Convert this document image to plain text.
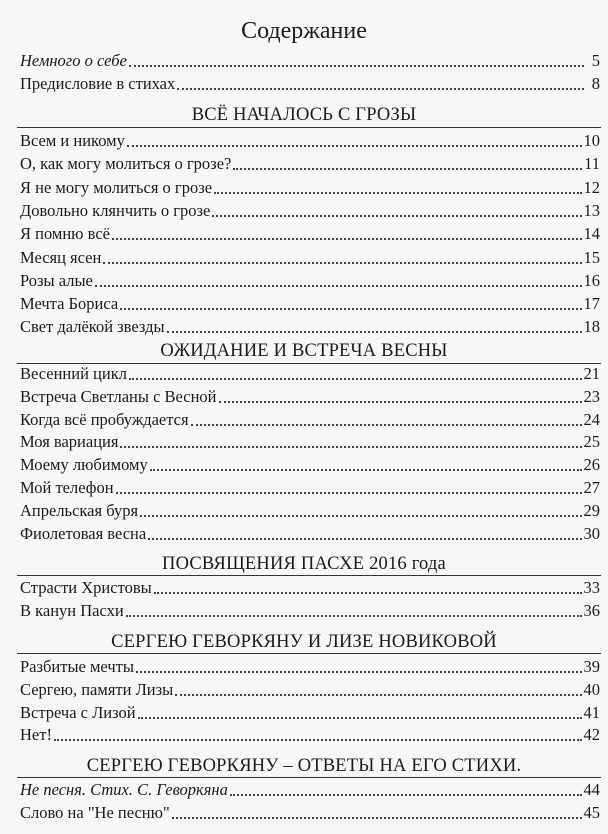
Содержание
Немного о себе	5
Предисловие в стихах	8
ВСЁ НАЧАЛОСЬ С ГРОЗЫ
Всем и никому	10
О, как могу молиться о грозе?	11
Я не могу молиться о грозе	12
Довольно клянчить о грозе	13
Я помню всё	14
Месяц ясен	15
Розы алые	16
Мечта Бориса	17
Свет далёкой звезды	18
ОЖИДАНИЕ И ВСТРЕЧА ВЕСНЫ
Весенний цикл	21
Встреча Светланы с Весной	23
Когда всё пробуждается	24
Моя вариация	25
Моему любимому	26
Мой телефон	27
Апрельская буря	29
Фиолетовая весна	30
ПОСВЯЩЕНИЯ ПАСХЕ 2016 года
Страсти Христовы	33
В канун Пасхи	36
СЕРГЕЮ ГЕВОРКЯНУ И ЛИЗЕ НОВИКОВОЙ
Разбитые мечты	39
Сергею, памяти Лизы	40
Встреча с Лизой	41
Нет!	42
СЕРГЕЮ ГЕВОРКЯНУ – ОТВЕТЫ НА ЕГО СТИХИ.
Не песня. Стих. С. Геворкяна	44
Слово на "Не песню"	45
